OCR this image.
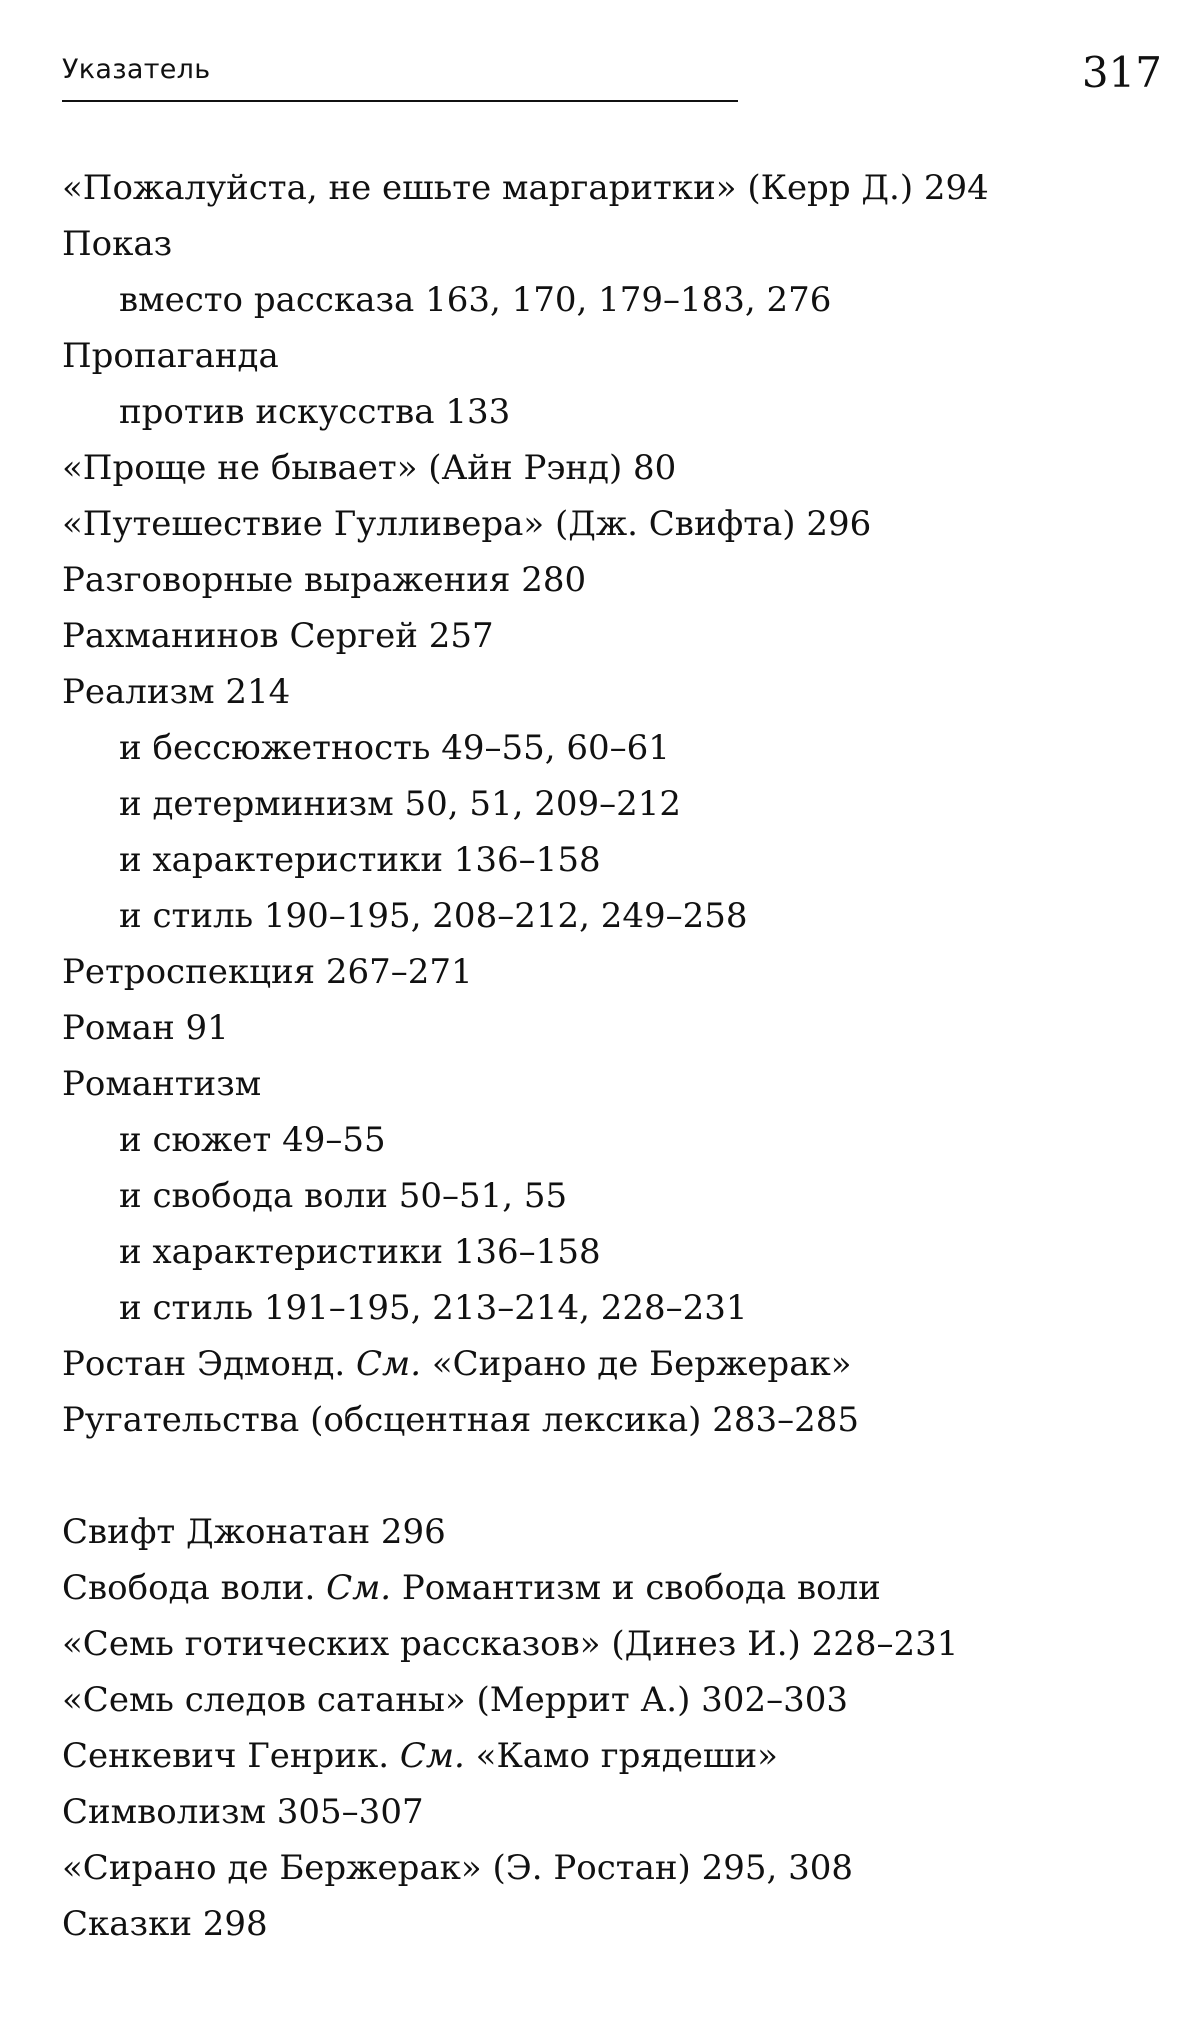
Указатель	317
«Пожалуйста, не ешьте маргаритки» (Керр Д.) 294
Показ
вместо рассказа 163, 170, 179–183, 276
Пропаганда
против искусства 133
«Проще не бывает» (Айн Рэнд) 80
«Путешествие Гулливера» (Дж. Свифта) 296
Разговорные выражения 280
Рахманинов Сергей 257
Реализм 214
и бессюжетность 49–55, 60–61
и детерминизм 50, 51, 209–212
и характеристики 136–158
и стиль 190–195, 208–212, 249–258
Ретроспекция 267–271
Роман 91
Романтизм
и сюжет 49–55
и свобода воли 50–51, 55
и характеристики 136–158
и стиль 191–195, 213–214, 228–231
Ростан Эдмонд. См. «Сирано де Бержерак»
Ругательства (обсцентная лексика) 283–285
Свифт Джонатан 296
Свобода воли. См. Романтизм и свобода воли
«Семь готических рассказов» (Динез И.) 228–231
«Семь следов сатаны» (Меррит А.) 302–303
Сенкевич Генрик. См. «Камо грядеши»
Символизм 305–307
«Сирано де Бержерак» (Э. Ростан) 295, 308
Сказки 298
